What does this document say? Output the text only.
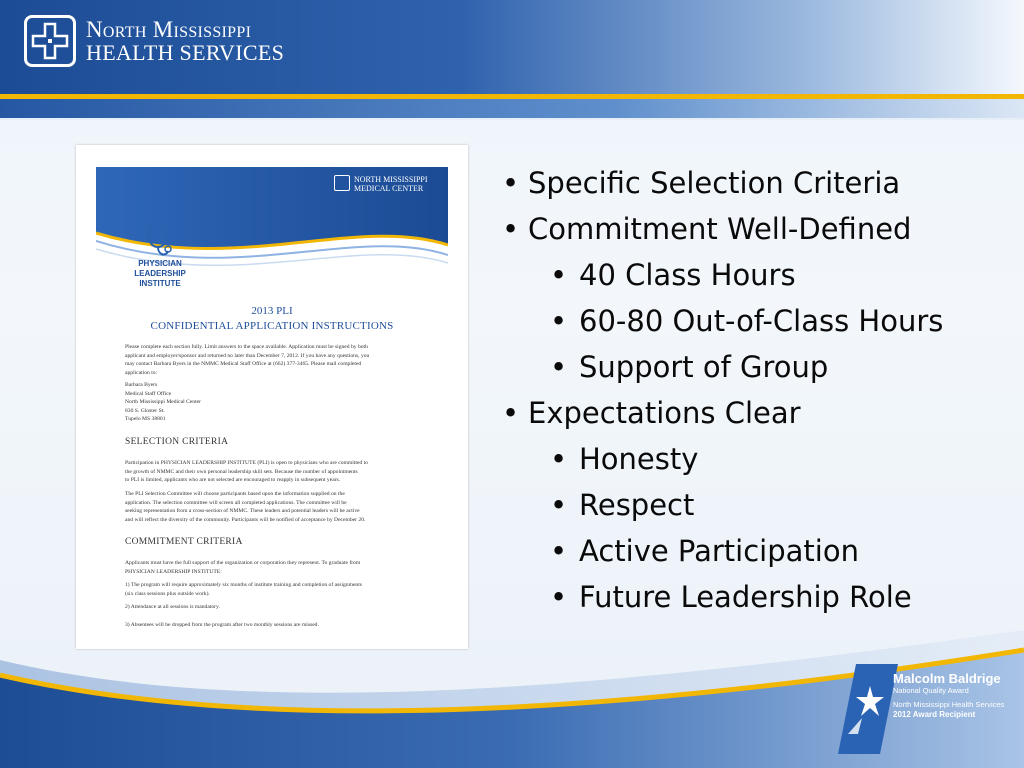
North Mississippi
HEALTH SERVICES
NORTH MISSISSIPPI
MEDICAL CENTER
PHYSICIAN
LEADERSHIP
INSTITUTE
2013 PLI
CONFIDENTIAL APPLICATION INSTRUCTIONS
Please complete each section fully. Limit answers to the space available. Application must be signed by both
applicant and employer/sponsor and returned no later than December 7, 2012. If you have any questions, you
may contact Barbara Byers in the NMMC Medical Staff Office at (662) 377-3465. Please mail completed
application to:
Barbara Byers
Medical Staff Office
North Mississippi Medical Center
830 S. Gloster St.
Tupelo MS 38801
SELECTION CRITERIA
Participation in PHYSICIAN LEADERSHIP INSTITUTE (PLI) is open to physicians who are committed to
the growth of NMMC and their own personal leadership skill sets. Because the number of appointments
to PLI is limited, applicants who are not selected are encouraged to reapply in subsequent years.
The PLI Selection Committee will choose participants based upon the information supplied on the
application. The selection committee will screen all completed applications. The committee will be
seeking representation from a cross-section of NMMC. These leaders and potential leaders will be active
and will reflect the diversity of the community. Participants will be notified of acceptance by December 20.
COMMITMENT CRITERIA
Applicants must have the full support of the organization or corporation they represent. To graduate from
PHYSICIAN LEADERSHIP INSTITUTE:
1) The program will require approximately six months of institute training and completion of assignments
(six class sessions plus outside work).
2) Attendance at all sessions is mandatory.
3) Absentees will be dropped from the program after two monthly sessions are missed.
• Specific Selection Criteria
• Commitment Well-Defined
• 40 Class Hours
• 60-80 Out-of-Class Hours
• Support of Group
• Expectations Clear
• Honesty
• Respect
• Active Participation
• Future Leadership Role
Malcolm Baldrige
National Quality Award
North Mississippi Health Services
2012 Award Recipient
